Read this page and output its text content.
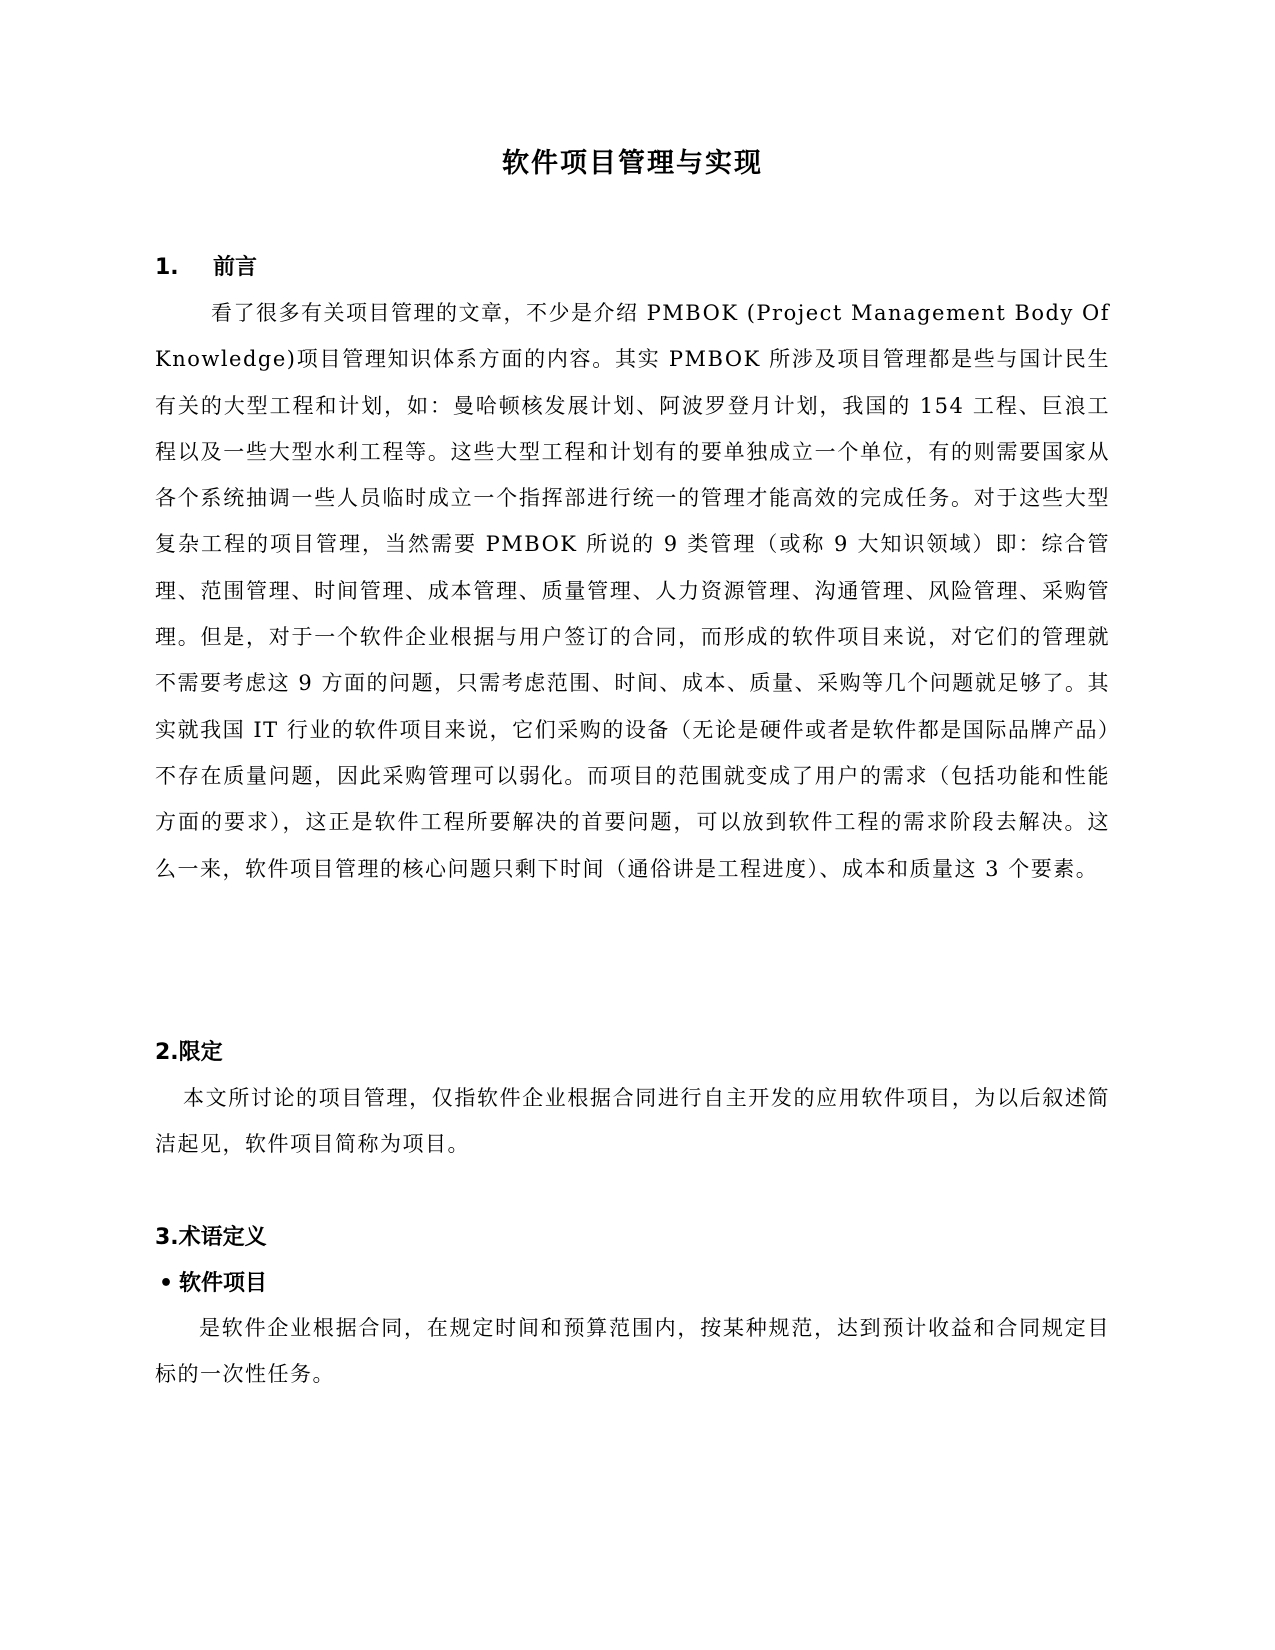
软件项目管理与实现
1. 前言
看了很多有关项目管理的文章，不少是介绍 PMBOK (Project Management Body Of Knowledge)项目管理知识体系方面的内容。其实 PMBOK 所涉及项目管理都是些与国计民生有关的大型工程和计划，如：曼哈顿核发展计划、阿波罗登月计划，我国的 154 工程、巨浪工程以及一些大型水利工程等。这些大型工程和计划有的要单独成立一个单位，有的则需要国家从各个系统抽调一些人员临时成立一个指挥部进行统一的管理才能高效的完成任务。对于这些大型复杂工程的项目管理，当然需要 PMBOK 所说的 9 类管理（或称 9 大知识领域）即：综合管理、范围管理、时间管理、成本管理、质量管理、人力资源管理、沟通管理、风险管理、采购管理。但是，对于一个软件企业根据与用户签订的合同，而形成的软件项目来说，对它们的管理就不需要考虑这 9 方面的问题，只需考虑范围、时间、成本、质量、采购等几个问题就足够了。其实就我国 IT 行业的软件项目来说，它们采购的设备（无论是硬件或者是软件都是国际品牌产品）不存在质量问题，因此采购管理可以弱化。而项目的范围就变成了用户的需求（包括功能和性能方面的要求），这正是软件工程所要解决的首要问题，可以放到软件工程的需求阶段去解决。这么一来，软件项目管理的核心问题只剩下时间（通俗讲是工程进度）、成本和质量这 3 个要素。
2.限定
本文所讨论的项目管理，仅指软件企业根据合同进行自主开发的应用软件项目，为以后叙述简洁起见，软件项目简称为项目。
3.术语定义
• 软件项目
是软件企业根据合同，在规定时间和预算范围内，按某种规范，达到预计收益和合同规定目标的一次性任务。
